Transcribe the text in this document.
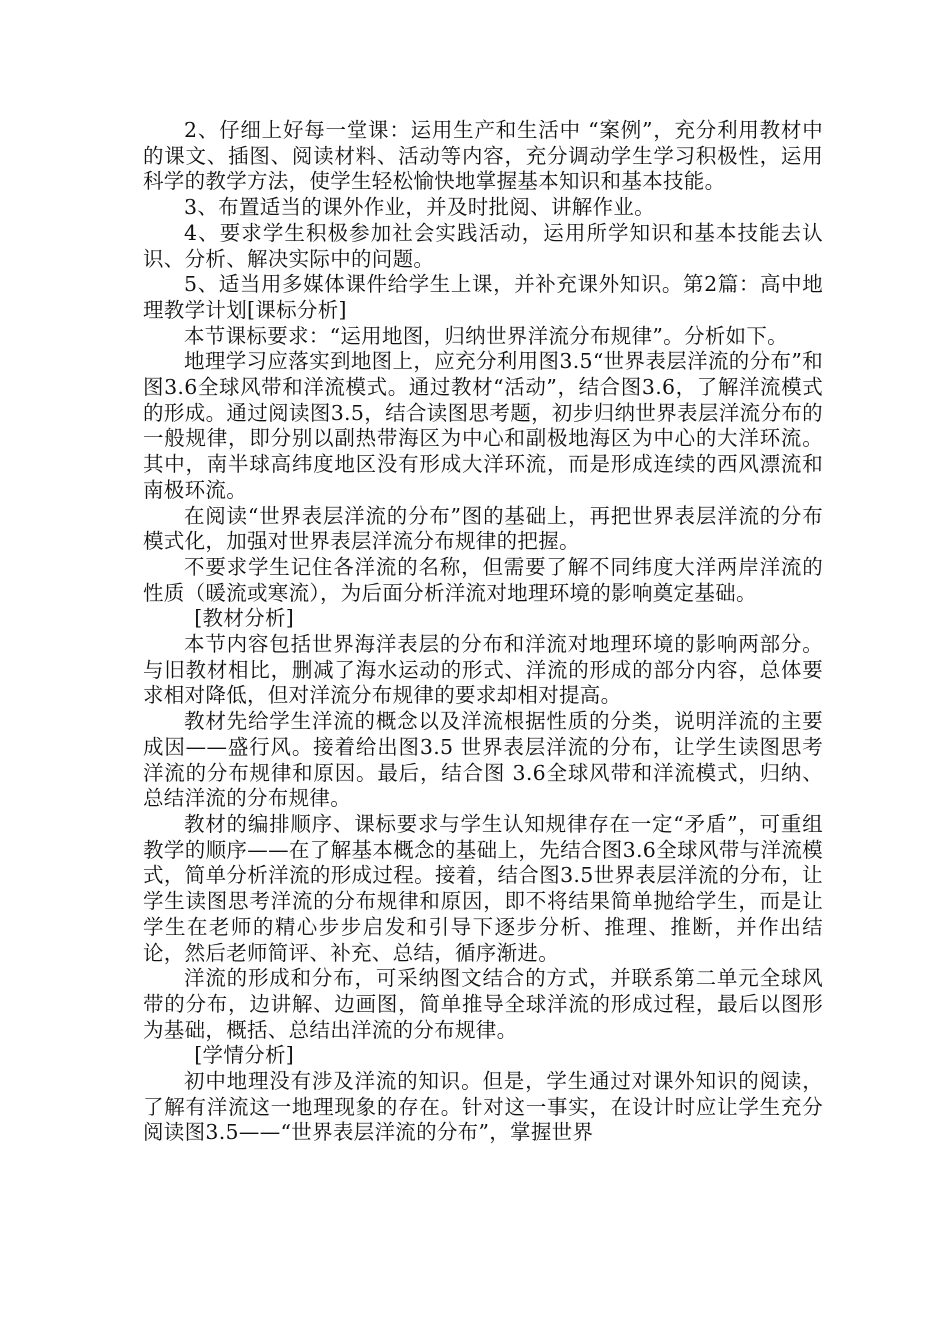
2、仔细上好每一堂课：运用生产和生活中 “案例”，充分利用教材中的课文、插图、阅读材料、活动等内容，充分调动学生学习积极性，运用科学的教学方法，使学生轻松愉快地掌握基本知识和基本技能。

3、布置适当的课外作业，并及时批阅、讲解作业。

4、要求学生积极参加社会实践活动，运用所学知识和基本技能去认识、分析、解决实际中的问题。

5、适当用多媒体课件给学生上课，并补充课外知识。第2篇：高中地理教学计划[课标分析]

本节课标要求：“运用地图，归纳世界洋流分布规律”。分析如下。

地理学习应落实到地图上，应充分利用图3.5“世界表层洋流的分布”和图3.6全球风带和洋流模式。通过教材“活动”，结合图3.6，了解洋流模式的形成。通过阅读图3.5，结合读图思考题，初步归纳世界表层洋流分布的一般规律，即分别以副热带海区为中心和副极地海区为中心的大洋环流。其中，南半球高纬度地区没有形成大洋环流，而是形成连续的西风漂流和南极环流。

在阅读“世界表层洋流的分布”图的基础上，再把世界表层洋流的分布模式化，加强对世界表层洋流分布规律的把握。

不要求学生记住各洋流的名称，但需要了解不同纬度大洋两岸洋流的性质（暖流或寒流），为后面分析洋流对地理环境的影响奠定基础。

[教材分析]

本节内容包括世界海洋表层的分布和洋流对地理环境的影响两部分。与旧教材相比，删减了海水运动的形式、洋流的形成的部分内容，总体要求相对降低，但对洋流分布规律的要求却相对提高。

教材先给学生洋流的概念以及洋流根据性质的分类，说明洋流的主要成因——盛行风。接着给出图3.5 世界表层洋流的分布，让学生读图思考洋流的分布规律和原因。最后，结合图 3.6全球风带和洋流模式，归纳、总结洋流的分布规律。

教材的编排顺序、课标要求与学生认知规律存在一定“矛盾”，可重组教学的顺序——在了解基本概念的基础上，先结合图3.6全球风带与洋流模式，简单分析洋流的形成过程。接着，结合图3.5世界表层洋流的分布，让学生读图思考洋流的分布规律和原因，即不将结果简单抛给学生，而是让学生在老师的精心步步启发和引导下逐步分析、推理、推断，并作出结论，然后老师简评、补充、总结，循序渐进。

洋流的形成和分布，可采纳图文结合的方式，并联系第二单元全球风带的分布，边讲解、边画图，简单推导全球洋流的形成过程，最后以图形为基础，概括、总结出洋流的分布规律。

[学情分析]

初中地理没有涉及洋流的知识。但是，学生通过对课外知识的阅读，了解有洋流这一地理现象的存在。针对这一事实，在设计时应让学生充分阅读图3.5——“世界表层洋流的分布”，掌握世界
